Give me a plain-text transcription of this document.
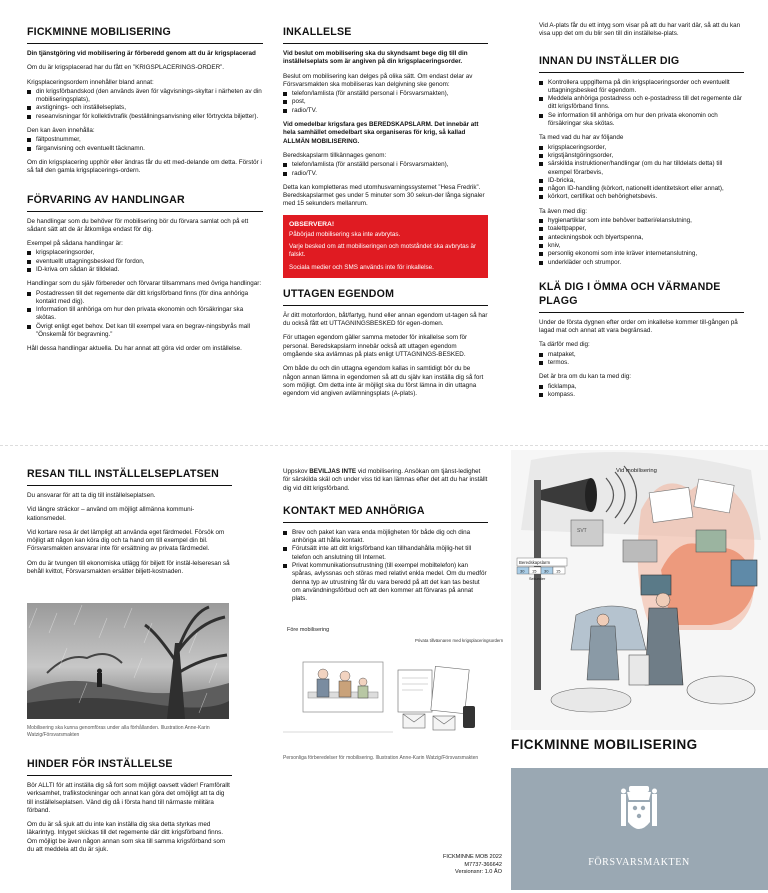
FICKMINNE MOBILISERING

Din tjänstgöring vid mobilisering är förberedd genom att du är krigsplacerad

Om du är krigsplacerad har du fått en ”KRIGSPLACERINGS-ORDER”.

Krigsplaceringsordern innehåller bland annat:

din krigsförbandskod (den används även för vägvisnings-skyltar i närheten av din mobiliseringsplats),
avstignings- och inställelseplats,
reseanvisningar för kollektivtrafik (beställningsanvisning eller förtryckta biljetter).

Den kan även innehålla:

fältpostnummer,
färganvisning och eventuellt täcknamn.

Om din krigsplacering upphör eller ändras får du ett med-delande om detta. Förstör i så fall den gamla krigsplacerings-ordern.

FÖRVARING AV HANDLINGAR

De handlingar som du behöver för mobilisering bör du förvara samlat och på ett sådant sätt att de är åtkomliga endast för dig.

Exempel på sådana handlingar är:

krigsplaceringsorder,
eventuellt uttagningsbesked för fordon,
ID-kriva om sådan är tilldelad.

Handlingar som du själv förbereder och förvarar tillsammans med övriga handlingar:

Postadressen till det regemente där ditt krigsförband finns (för dina anhöriga kontakt med dig).
Information till anhöriga om hur den privata ekonomin och försäkringar ska skötas.
Övrigt enligt eget behov. Det kan till exempel vara en begrav-ningsbyrås mall ”Önskemål för begravning.”

Håll dessa handlingar aktuella. Du har annat att göra vid order om inställelse.

INKALLELSE

Vid beslut om mobilisering ska du skyndsamt bege dig till din inställelseplats som är angiven på din krigsplaceringsorder.

Beslut om mobilisering kan delges på olika sätt. Om endast delar av Försvarsmakten ska mobiliseras kan delgivning ske genom:

telefon/lamlista (för anställd personal i Försvarsmakten),
post,
radio/TV.

Vid omedelbar krigsfara ges BEREDSKAPSLARM. Det innebär att hela samhället omedelbart ska organiseras för krig, så kallad ALLMÄN MOBILISERING.

Beredskapslarm tillkännages genom:

telefon/lamlista (för anställd personal i Försvarsmakten),
radio/TV.

Detta kan kompletteras med utomhusvarningssystemet ”Hesa Fredrik”. Beredskapslarmet ges under 5 minuter som 30 sekun-der långa signaler med 15 sekunders mellanrum.

OBSERVERA!

Påbörjad mobilisering ska inte avbrytas.

Varje besked om att mobiliseringen och motståndet ska avbrytas är falskt.

Sociala medier och SMS används inte för inkallelse.

UTTAGEN EGENDOM

Är ditt motorfordon, båt/fartyg, hund eller annan egendom ut-tagen så har du också fått ett UTTAGNINGSBESKED för egen-domen.

För uttagen egendom gäller samma metoder för inkallelse som för personal. Beredskapslarm innebär också att uttagen egendom omgående ska avlämnas på plats enligt UTTAGNINGS-BESKED.

Om både du och din uttagna egendom kallas in samtidigt bör du be någon annan lämna in egendomen så att du själv kan inställa dig så fort som möjligt. Om detta inte är möjligt ska du först lämna in din uttagna egendom vid angiven avlämningsplats (A-plats).

Vid A-plats får du ett intyg som visar på att du har varit där, så att du kan visa upp det om du blir sen till din inställelse-plats.

INNAN DU INSTÄLLER DIG
Kontrollera uppgifterna på din krigsplaceringsorder och eventuellt uttagningsbesked för egendom.
Meddela anhöriga postadress och e-postadress till det regemente där ditt krigsförband finns.
Se information till anhöriga om hur den privata ekonomin och försäkringar ska skötas.

Ta med vad du har av följande

krigsplaceringsorder,
krigstjänstgöringsorder,
särskilda instruktioner/handlingar (om du har tilldelats detta) till exempel förarbevis,
ID-bricka,
någon ID-handling (körkort, nationellt identitetskort eller annat),
körkort, certifikat och behörighetsbevis.

Ta även med dig:

hygienartiklar som inte behöver batteri/elanslutning,
toalettpapper,
anteckningsbok och blyertspenna,
kniv,
personlig ekonomi som inte kräver internetanslutning,
underkläder och strumpor.
KLÄ DIG I ÖMMA OCH VÄRMANDE PLAGG

Under de första dygnen efter order om inkallelse kommer till-gången på lagad mat och annat att vara begränsad.

Ta därför med dig:

matpaket,
termos.

Det är bra om du kan ta med dig:

ficklampa,
kompass.
RESAN TILL INSTÄLLELSEPLATSEN

Du ansvarar för att ta dig till inställelseplatsen.

Vid längre sträckor – använd om möjligt allmänna kommuni-kationsmedel.

Vid kortare resa är det lämpligt att använda eget färdmedel. Försök om möjligt att någon kan köra dig och ta hand om till exempel din bil. Försvarsmakten ansvarar inte för ersättning av privata färdmedel.

Om du är tvungen till ekonomiska utlägg för biljett för instäl-lelseresan så behåll kvittot, Försvarsmakten ersätter biljett-kostnaden.

Mobilisering ska kunna genomföras under alla förhållanden. Illustration Anne-Karin Watzig/Försvarsmakten

HINDER FÖR INSTÄLLELSE

Bör ALLTI för att inställa dig så fort som möjligt oavsett väder! Framförallt verksamhet, trafikstockningar och annat kan göra det omöjligt att ta dig till inställelseplatsen. Vänd dig då i första hand till närmaste militära förband.

Om du är så sjuk att du inte kan inställa dig ska detta styrkas med läkarintyg. Intyget skickas till det regemente där ditt krigsförband finns. Om möjligt be även någon annan som ska till samma krigsförband som du att meddela att du är sjuk.

Uppskov BEVILJAS INTE vid mobilisering. Ansökan om tjänst-ledighet för särskilda skäl och under viss tid kan lämnas efter det att du har inställt dig vid ditt krigsförband.

KONTAKT MED ANHÖRIGA
Brev och paket kan vara enda möjligheten för både dig och dina anhöriga att hålla kontakt.
Förutsätt inte att ditt krigsförband kan tillhandahålla möjlig-het till telefon och anslutning till Internet.
Privat kommunikationsutrustning (till exempel mobiltelefon) kan spåras, avlyssnas och störas med relativt enkla medel. Om du medför denna typ av utrustning får du vara beredd på att det kan tas bestut om användningsförbud och att den kommer att förvaras på annat plats.
Före mobilisering
Privata tillväxnaren med krigsplaceringsordern

Personliga förberedelser för mobilisering. Illustration Anne-Karin Watzig/Försvarsmakten

FICKMINNE MOB 2022
M7737-366642
Versionsnr: 1.0 ÅO
SVT
Vid mobilisering
Beredskapslarm
30 15 30 15
Sekunder
FICKMINNE MOBILISERING
FÖRSVARSMAKTEN
